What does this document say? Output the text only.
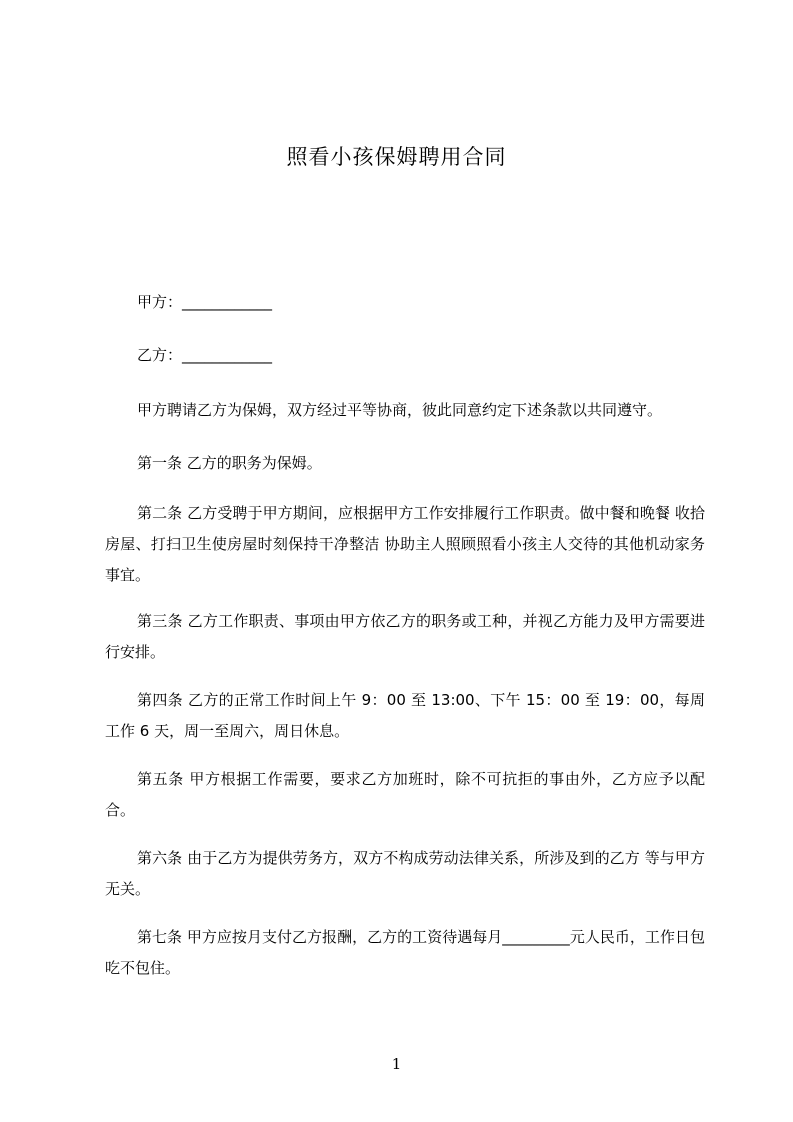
照看小孩保姆聘用合同
甲方：____________
乙方：____________
甲方聘请乙方为保姆，双方经过平等协商，彼此同意约定下述条款以共同遵守。
第一条 乙方的职务为保姆。
第二条 乙方受聘于甲方期间，应根据甲方工作安排履行工作职责。做中餐和晚餐 收拾房屋、打扫卫生使房屋时刻保持干净整洁 协助主人照顾照看小孩主人交待的其他机动家务事宜。
第三条 乙方工作职责、事项由甲方依乙方的职务或工种，并视乙方能力及甲方需要进行安排。
第四条 乙方的正常工作时间上午 9：00 至 13:00、下午 15：00 至 19：00，每周工作 6 天，周一至周六，周日休息。
第五条 甲方根据工作需要，要求乙方加班时，除不可抗拒的事由外，乙方应予以配合。
第六条 由于乙方为提供劳务方，双方不构成劳动法律关系，所涉及到的乙方 等与甲方无关。
第七条 甲方应按月支付乙方报酬，乙方的工资待遇每月_________元人民币，工作日包吃不包住。
1
